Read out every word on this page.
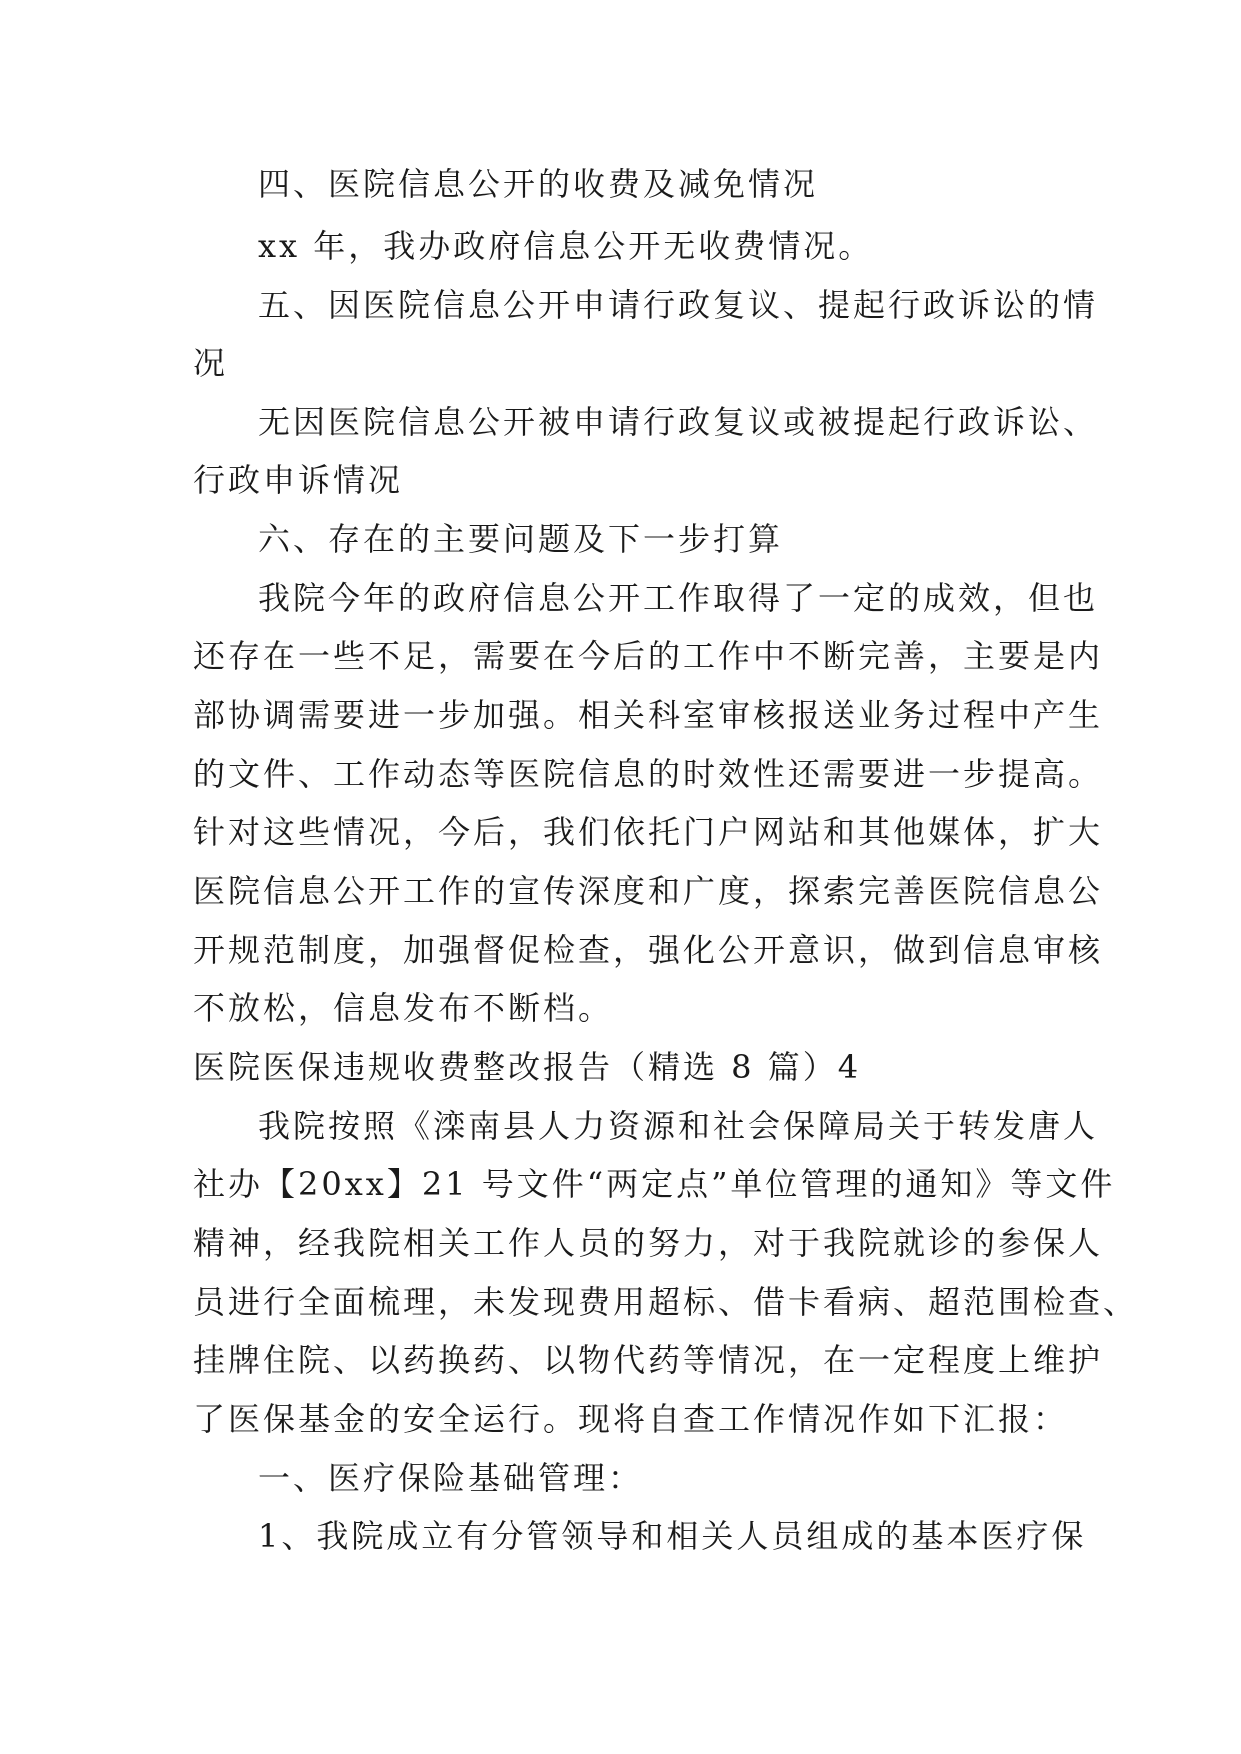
四、医院信息公开的收费及减免情况
xx 年，我办政府信息公开无收费情况。
五、因医院信息公开申请行政复议、提起行政诉讼的情
况
无因医院信息公开被申请行政复议或被提起行政诉讼、
行政申诉情况
六、存在的主要问题及下一步打算
我院今年的政府信息公开工作取得了一定的成效，但也
还存在一些不足，需要在今后的工作中不断完善，主要是内
部协调需要进一步加强。相关科室审核报送业务过程中产生
的文件、工作动态等医院信息的时效性还需要进一步提高。
针对这些情况，今后，我们依托门户网站和其他媒体，扩大
医院信息公开工作的宣传深度和广度，探索完善医院信息公
开规范制度，加强督促检查，强化公开意识，做到信息审核
不放松，信息发布不断档。
医院医保违规收费整改报告（精选 8 篇）4
我院按照《滦南县人力资源和社会保障局关于转发唐人
社办【20xx】21 号文件“两定点”单位管理的通知》等文件
精神，经我院相关工作人员的努力，对于我院就诊的参保人
员进行全面梳理，未发现费用超标、借卡看病、超范围检查、
挂牌住院、以药换药、以物代药等情况，在一定程度上维护
了医保基金的安全运行。现将自查工作情况作如下汇报：
一、医疗保险基础管理：
1、我院成立有分管领导和相关人员组成的基本医疗保
